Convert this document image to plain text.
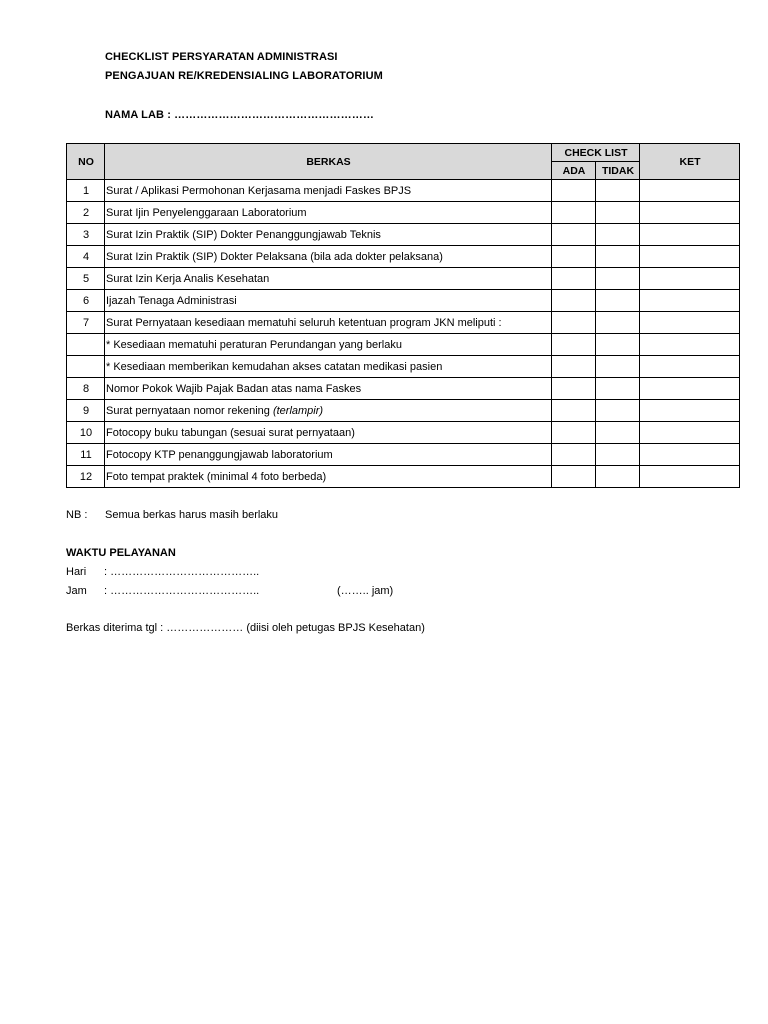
CHECKLIST PERSYARATAN ADMINISTRASI
PENGAJUAN RE/KREDENSIALING LABORATORIUM
NAMA LAB : ………………………………………………
NO	BERKAS	CHECK LIST		KET
		ADA	TIDAK	
1	Surat / Aplikasi Permohonan Kerjasama menjadi Faskes BPJS			
2	Surat Ijin Penyelenggaraan Laboratorium			
3	Surat Izin Praktik (SIP) Dokter Penanggungjawab Teknis			
4	Surat Izin Praktik (SIP) Dokter Pelaksana (bila ada dokter pelaksana)			
5	Surat Izin Kerja Analis Kesehatan			
6	Ijazah Tenaga Administrasi			
7	Surat Pernyataan kesediaan mematuhi seluruh ketentuan program JKN meliputi :			
	* Kesediaan mematuhi peraturan Perundangan yang berlaku			
	* Kesediaan memberikan kemudahan akses catatan medikasi pasien			
8	Nomor Pokok Wajib Pajak Badan atas nama Faskes			
9	Surat pernyataan nomor rekening (terlampir)			
10	Fotocopy buku tabungan (sesuai surat pernyataan)			
11	Fotocopy KTP penanggungjawab laboratorium			
12	Foto tempat praktek (minimal 4 foto berbeda)			
NB : Semua berkas harus masih berlaku
WAKTU PELAYANAN
Hari : …………………………………..
Jam : …………………………………..	(…….. jam)
Berkas diterima tgl : ………………… (diisi oleh petugas BPJS Kesehatan)
